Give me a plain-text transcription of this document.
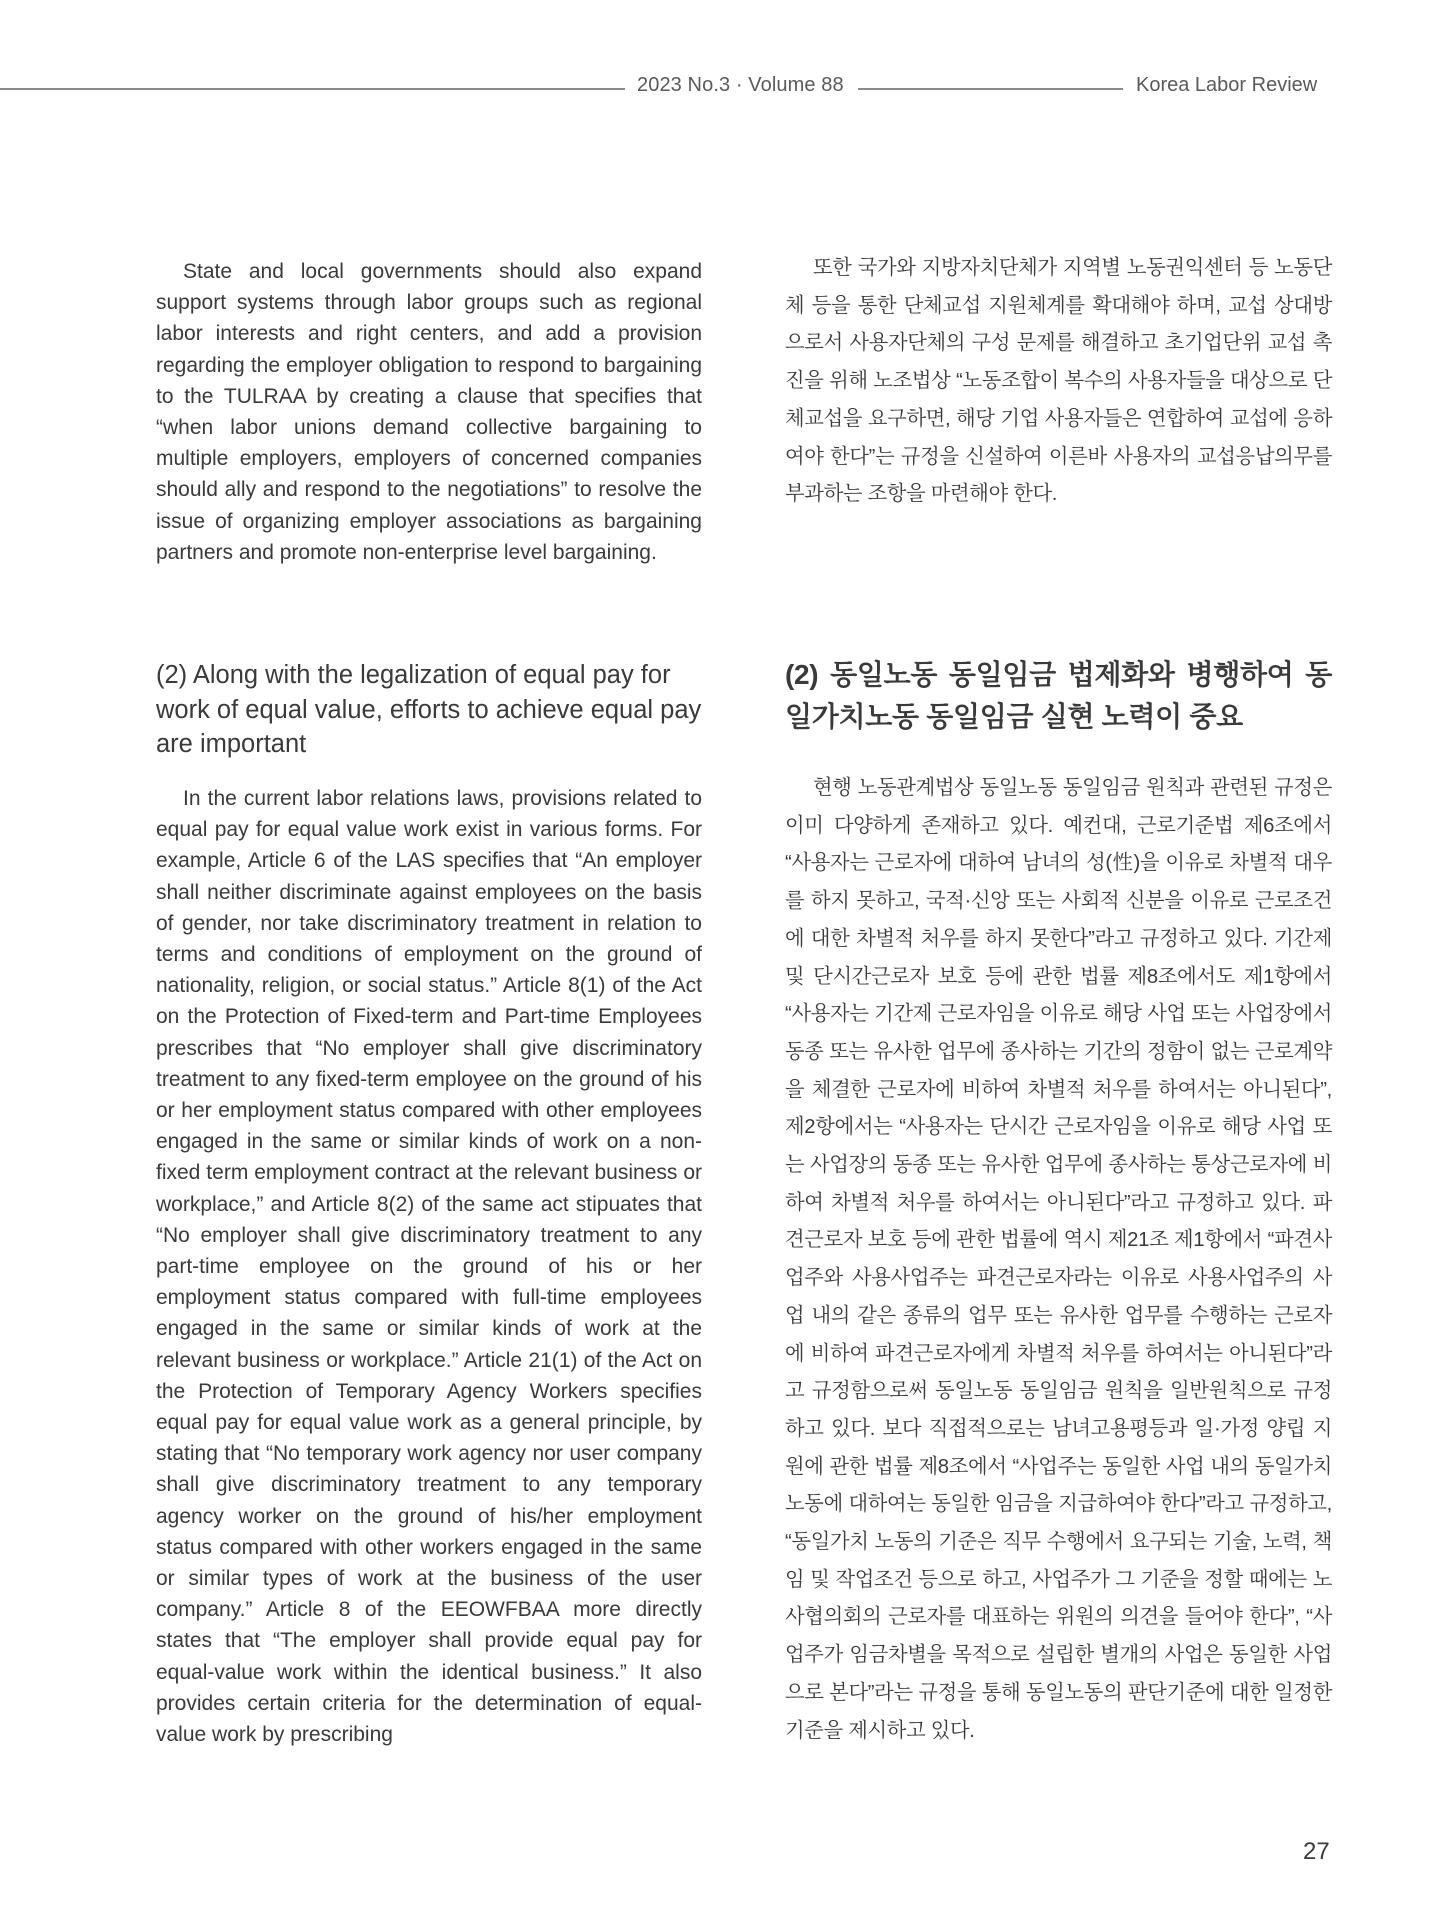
2023 No.3 · Volume 88	Korea Labor Review

State and local governments should also expand support systems through labor groups such as regional labor interests and right centers, and add a provision regarding the employer obligation to respond to bargaining to the TULRAA by creating a clause that specifies that “when labor unions demand collective bargaining to multiple employers, employers of concerned companies should ally and respond to the negotiations” to resolve the issue of organizing employer associations as bargaining partners and promote non-enterprise level bargaining.

또한 국가와 지방자치단체가 지역별 노동권익센터 등 노동단체 등을 통한 단체교섭 지원체계를 확대해야 하며, 교섭 상대방으로서 사용자단체의 구성 문제를 해결하고 초기업단위 교섭 촉진을 위해 노조법상 “노동조합이 복수의 사용자들을 대상으로 단체교섭을 요구하면, 해당 기업 사용자들은 연합하여 교섭에 응하여야 한다”는 규정을 신설하여 이른바 사용자의 교섭응납의무를 부과하는 조항을 마련해야 한다.

(2) Along with the legalization of equal pay for work of equal value, efforts to achieve equal pay are important
(2) 동일노동 동일임금 법제화와 병행하여 동일가치노동 동일임금 실현 노력이 중요

In the current labor relations laws, provisions related to equal pay for equal value work exist in various forms. For example, Article 6 of the LAS specifies that “An employer shall neither discriminate against employees on the basis of gender, nor take discriminatory treatment in relation to terms and conditions of employment on the ground of nationality, religion, or social status.” Article 8(1) of the Act on the Protection of Fixed-term and Part-time Employees prescribes that “No employer shall give discriminatory treatment to any fixed-term employee on the ground of his or her employment status compared with other employees engaged in the same or similar kinds of work on a non-fixed term employment contract at the relevant business or workplace,” and Article 8(2) of the same act stipuates that “No employer shall give discriminatory treatment to any part-time employee on the ground of his or her employment status compared with full-time employees engaged in the same or similar kinds of work at the relevant business or workplace.” Article 21(1) of the Act on the Protection of Temporary Agency Workers specifies equal pay for equal value work as a general principle, by stating that “No temporary work agency nor user company shall give discriminatory treatment to any temporary agency worker on the ground of his/her employment status compared with other workers engaged in the same or similar types of work at the business of the user company.” Article 8 of the EEOWFBAA more directly states that “The employer shall provide equal pay for equal-value work within the identical business.” It also provides certain criteria for the determination of equal-value work by prescribing

현행 노동관계법상 동일노동 동일임금 원칙과 관련된 규정은 이미 다양하게 존재하고 있다. 예컨대, 근로기준법 제6조에서 “사용자는 근로자에 대하여 남녀의 성(性)을 이유로 차별적 대우를 하지 못하고, 국적·신앙 또는 사회적 신분을 이유로 근로조건에 대한 차별적 처우를 하지 못한다”라고 규정하고 있다. 기간제 및 단시간근로자 보호 등에 관한 법률 제8조에서도 제1항에서 “사용자는 기간제 근로자임을 이유로 해당 사업 또는 사업장에서 동종 또는 유사한 업무에 종사하는 기간의 정함이 없는 근로계약을 체결한 근로자에 비하여 차별적 처우를 하여서는 아니된다”, 제2항에서는 “사용자는 단시간 근로자임을 이유로 해당 사업 또는 사업장의 동종 또는 유사한 업무에 종사하는 통상근로자에 비하여 차별적 처우를 하여서는 아니된다”라고 규정하고 있다. 파견근로자 보호 등에 관한 법률에 역시 제21조 제1항에서 “파견사업주와 사용사업주는 파견근로자라는 이유로 사용사업주의 사업 내의 같은 종류의 업무 또는 유사한 업무를 수행하는 근로자에 비하여 파견근로자에게 차별적 처우를 하여서는 아니된다”라고 규정함으로써 동일노동 동일임금 원칙을 일반원칙으로 규정하고 있다. 보다 직접적으로는 남녀고용평등과 일·가정 양립 지원에 관한 법률 제8조에서 “사업주는 동일한 사업 내의 동일가치 노동에 대하여는 동일한 임금을 지급하여야 한다”라고 규정하고, “동일가치 노동의 기준은 직무 수행에서 요구되는 기술, 노력, 책임 및 작업조건 등으로 하고, 사업주가 그 기준을 정할 때에는 노사협의회의 근로자를 대표하는 위원의 의견을 들어야 한다”, “사업주가 임금차별을 목적으로 설립한 별개의 사업은 동일한 사업으로 본다”라는 규정을 통해 동일노동의 판단기준에 대한 일정한 기준을 제시하고 있다.

27
